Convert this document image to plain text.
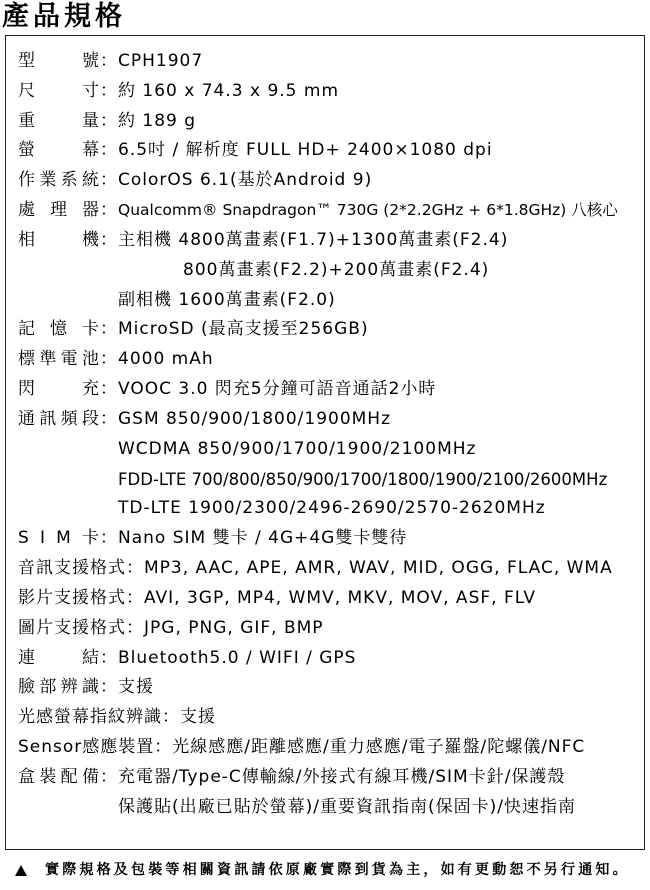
產品規格
型 號 ： CPH1907
尺 寸 ： 約 160 x 74.3 x 9.5 mm
重 量 ： 約 189 g
螢 幕 ： 6.5吋 / 解析度 FULL HD+ 2400×1080 dpi
作業系統 ： ColorOS 6.1(基於Android 9)
處 理 器 ： Qualcomm® Snapdragon™ 730G (2*2.2GHz + 6*1.8GHz) 八核心
相 機 ： 主相機 4800萬畫素(F1.7)+1300萬畫素(F2.4)
800萬畫素(F2.2)+200萬畫素(F2.4)
副相機 1600萬畫素(F2.0)
記 憶 卡 ： MicroSD (最高支援至256GB)
標準電池 ： 4000 mAh
閃 充 ： VOOC 3.0 閃充5分鐘可語音通話2小時
通訊頻段 ： GSM 850/900/1800/1900MHz
WCDMA 850/900/1700/1900/2100MHz
FDD-LTE 700/800/850/900/1700/1800/1900/2100/2600MHz
TD-LTE 1900/2300/2496-2690/2570-2620MHz
S I M 卡 ： Nano SIM 雙卡 / 4G+4G雙卡雙待
音訊支援格式 ： MP3, AAC, APE, AMR, WAV, MID, OGG, FLAC, WMA
影片支援格式 ： AVI, 3GP, MP4, WMV, MKV, MOV, ASF, FLV
圖片支援格式 ： JPG, PNG, GIF, BMP
連 結 ： Bluetooth5.0 / WIFI / GPS
臉部辨識 ： 支援
光感螢幕指紋辨識 ： 支援
Sensor感應裝置 ： 光線感應/距離感應/重力感應/電子羅盤/陀螺儀/NFC
盒裝配備 ： 充電器/Type-C傳輸線/外接式有線耳機/SIM卡針/保護殼
保護貼(出廠已貼於螢幕)/重要資訊指南(保固卡)/快速指南
實際規格及包裝等相關資訊請依原廠實際到貨為主，如有更動恕不另行通知。
